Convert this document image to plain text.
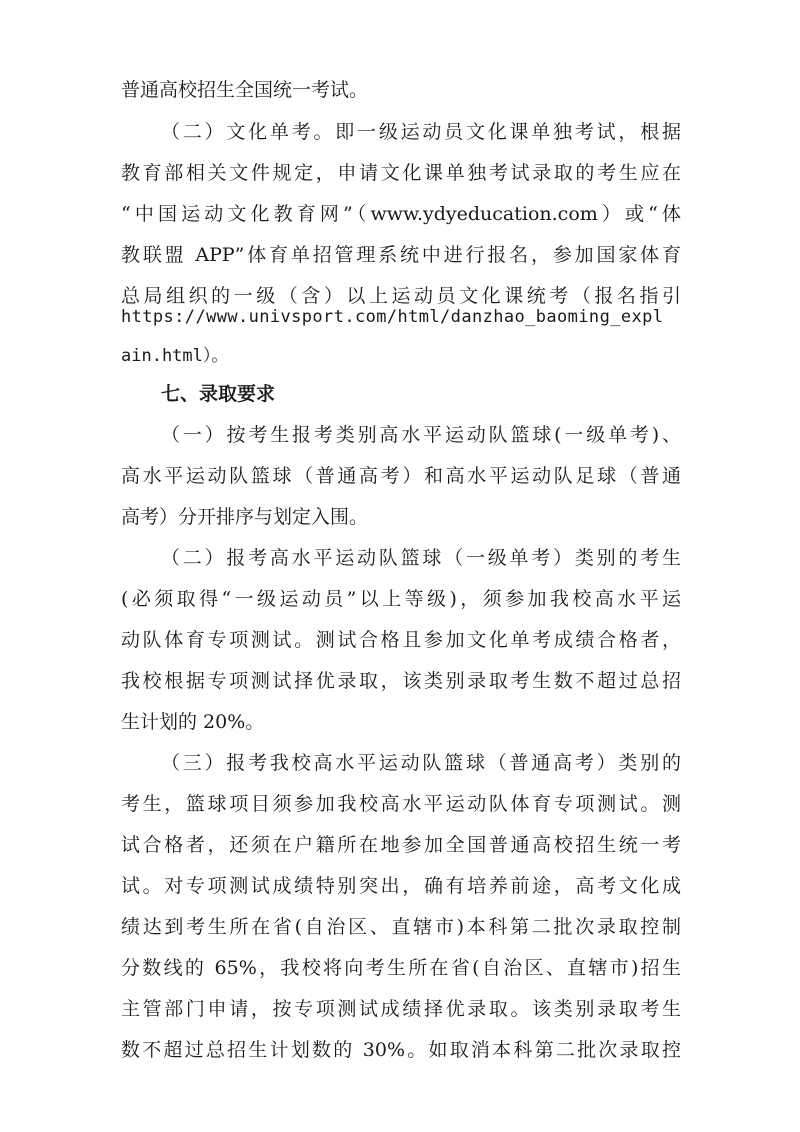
普通高校招生全国统一考试。
（二）文化单考。即一级运动员文化课单独考试，根据
教育部相关文件规定，申请文化课单独考试录取的考生应在
“中国运动文化教育网”（www.ydyeducation.com）或“体
教联盟 APP”体育单招管理系统中进行报名，参加国家体育
总局组织的一级（含）以上运动员文化课统考（报名指引
https://www.univsport.com/html/danzhao_baoming_expl
ain.html）。
七、录取要求
（一）按考生报考类别高水平运动队篮球(一级单考)、
高水平运动队篮球（普通高考）和高水平运动队足球（普通
高考）分开排序与划定入围。
（二）报考高水平运动队篮球（一级单考）类别的考生
(必须取得“一级运动员”以上等级)，须参加我校高水平运
动队体育专项测试。测试合格且参加文化单考成绩合格者，
我校根据专项测试择优录取，该类别录取考生数不超过总招
生计划的 20%。
（三）报考我校高水平运动队篮球（普通高考）类别的
考生，篮球项目须参加我校高水平运动队体育专项测试。测
试合格者，还须在户籍所在地参加全国普通高校招生统一考
试。对专项测试成绩特别突出，确有培养前途，高考文化成
绩达到考生所在省(自治区、直辖市)本科第二批次录取控制
分数线的 65%，我校将向考生所在省(自治区、直辖市)招生
主管部门申请，按专项测试成绩择优录取。该类别录取考生
数不超过总招生计划数的 30%。如取消本科第二批次录取控
